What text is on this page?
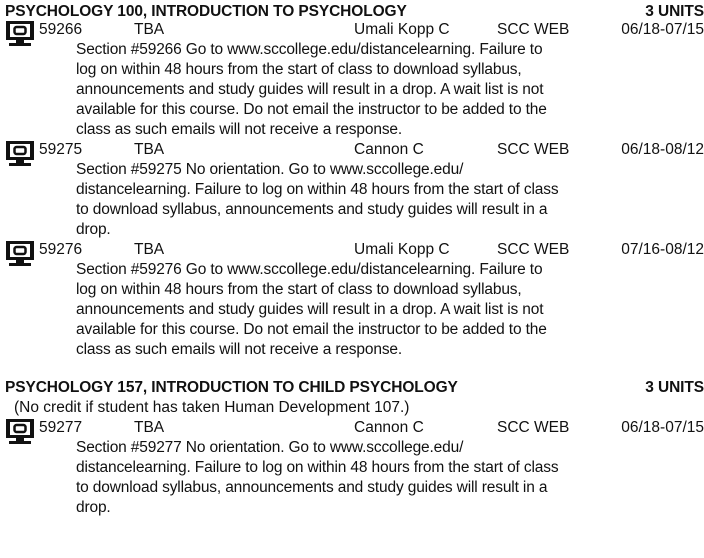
PSYCHOLOGY 100, INTRODUCTION TO PSYCHOLOGY	3 UNITS
59266	TBA	Umali Kopp C	SCC WEB	06/18-07/15
Section #59266 Go to www.sccollege.edu/distancelearning. Failure to
log on within 48 hours from the start of class to download syllabus,
announcements and study guides will result in a drop. A wait list is not
available for this course. Do not email the instructor to be added to the
class as such emails will not receive a response.
59275	TBA	Cannon C	SCC WEB	06/18-08/12
Section #59275 No orientation. Go to www.sccollege.edu/
distancelearning. Failure to log on within 48 hours from the start of class
to download syllabus, announcements and study guides will result in a
drop.
59276	TBA	Umali Kopp C	SCC WEB	07/16-08/12
Section #59276 Go to www.sccollege.edu/distancelearning. Failure to
log on within 48 hours from the start of class to download syllabus,
announcements and study guides will result in a drop. A wait list is not
available for this course. Do not email the instructor to be added to the
class as such emails will not receive a response.
PSYCHOLOGY 157, INTRODUCTION TO CHILD PSYCHOLOGY	3 UNITS
(No credit if student has taken Human Development 107.)
59277	TBA	Cannon C	SCC WEB	06/18-07/15
Section #59277 No orientation. Go to www.sccollege.edu/
distancelearning. Failure to log on within 48 hours from the start of class
to download syllabus, announcements and study guides will result in a
drop.
